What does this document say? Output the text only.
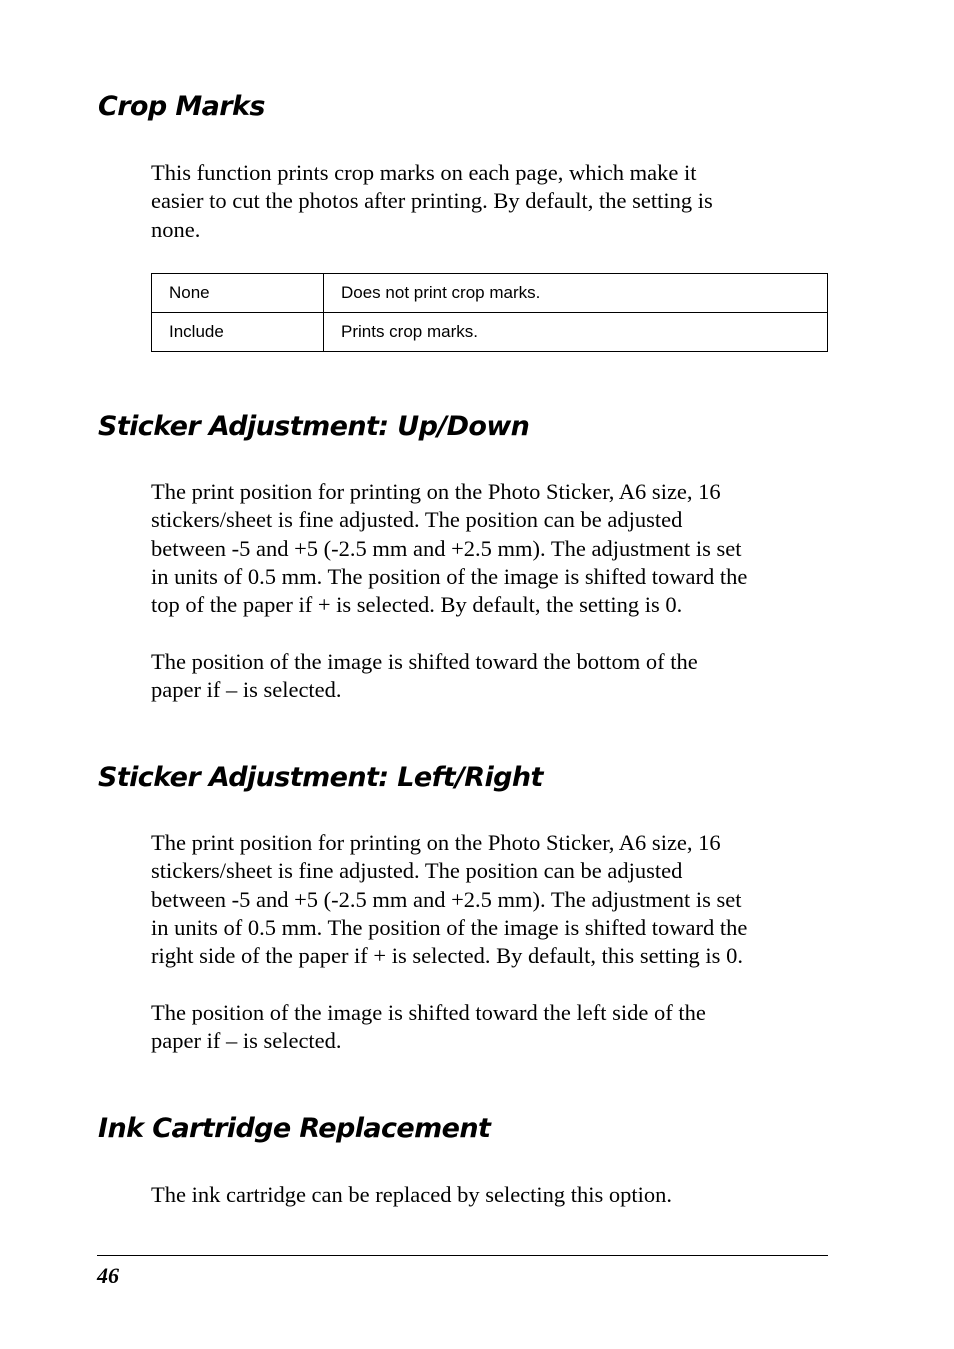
Crop Marks

This function prints crop marks on each page, which make it
easier to cut the photos after printing. By default, the setting is
none.

None	Does not print crop marks.
Include	Prints crop marks.
Sticker Adjustment: Up/Down

The print position for printing on the Photo Sticker, A6 size, 16
stickers/sheet is fine adjusted. The position can be adjusted
between -5 and +5 (-2.5 mm and +2.5 mm). The adjustment is set
in units of 0.5 mm. The position of the image is shifted toward the
top of the paper if + is selected. By default, the setting is 0.

The position of the image is shifted toward the bottom of the
paper if – is selected.

Sticker Adjustment: Left/Right

The print position for printing on the Photo Sticker, A6 size, 16
stickers/sheet is fine adjusted. The position can be adjusted
between -5 and +5 (-2.5 mm and +2.5 mm). The adjustment is set
in units of 0.5 mm. The position of the image is shifted toward the
right side of the paper if + is selected. By default, this setting is 0.

The position of the image is shifted toward the left side of the
paper if – is selected.

Ink Cartridge Replacement

The ink cartridge can be replaced by selecting this option.

46
